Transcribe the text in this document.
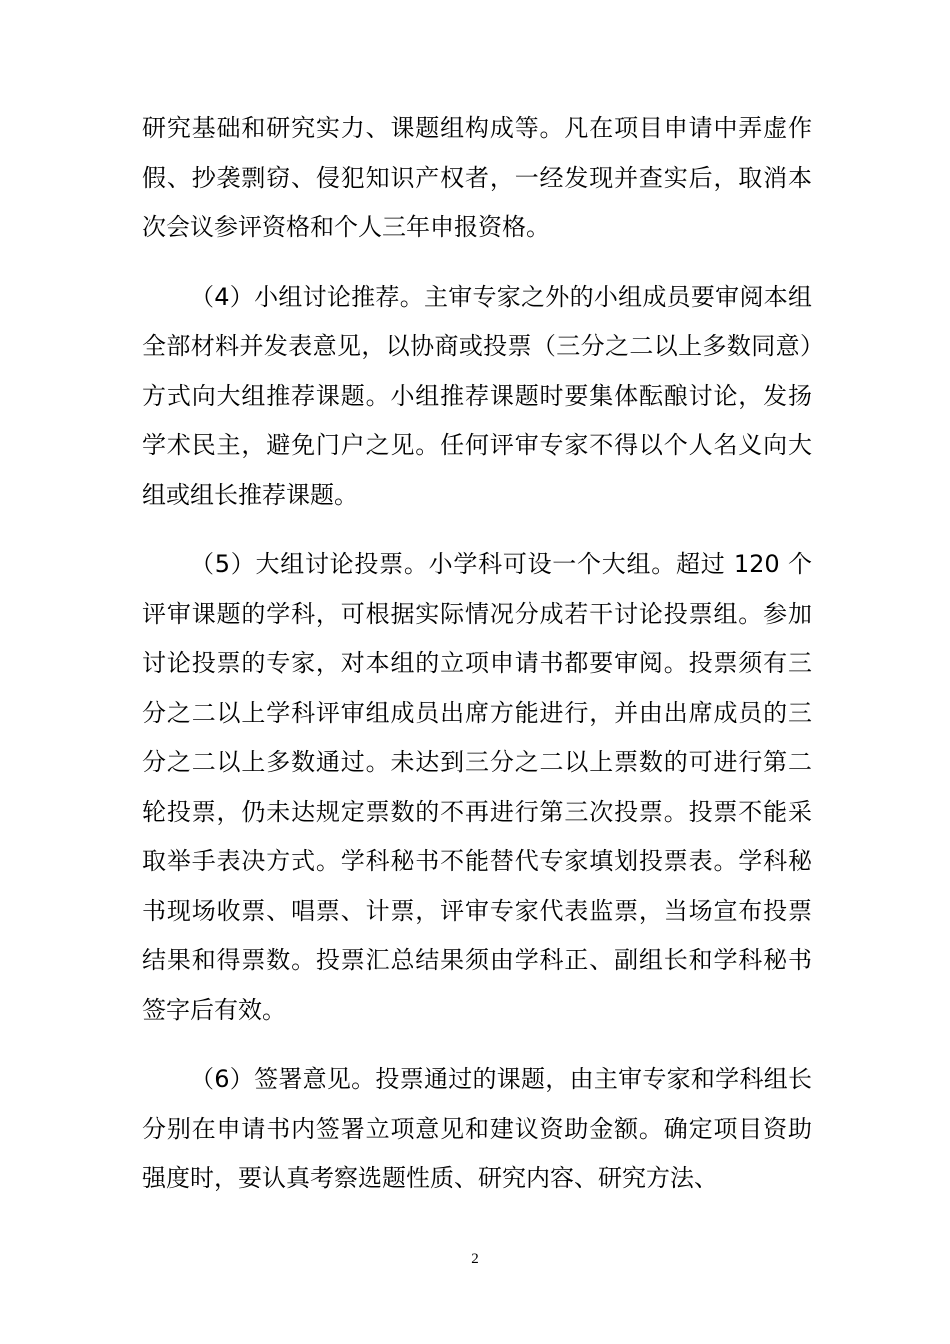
研究基础和研究实力、课题组构成等。凡在项目申请中弄虚作假、抄袭剽窃、侵犯知识产权者，一经发现并查实后，取消本次会议参评资格和个人三年申报资格。

（4）小组讨论推荐。主审专家之外的小组成员要审阅本组全部材料并发表意见，以协商或投票（三分之二以上多数同意）方式向大组推荐课题。小组推荐课题时要集体酝酿讨论，发扬学术民主，避免门户之见。任何评审专家不得以个人名义向大组或组长推荐课题。

（5）大组讨论投票。小学科可设一个大组。超过 120 个评审课题的学科，可根据实际情况分成若干讨论投票组。参加讨论投票的专家，对本组的立项申请书都要审阅。投票须有三分之二以上学科评审组成员出席方能进行，并由出席成员的三分之二以上多数通过。未达到三分之二以上票数的可进行第二轮投票，仍未达规定票数的不再进行第三次投票。投票不能采取举手表决方式。学科秘书不能替代专家填划投票表。学科秘书现场收票、唱票、计票，评审专家代表监票，当场宣布投票结果和得票数。投票汇总结果须由学科正、副组长和学科秘书签字后有效。

（6）签署意见。投票通过的课题，由主审专家和学科组长分别在申请书内签署立项意见和建议资助金额。确定项目资助强度时，要认真考察选题性质、研究内容、研究方法、

2
